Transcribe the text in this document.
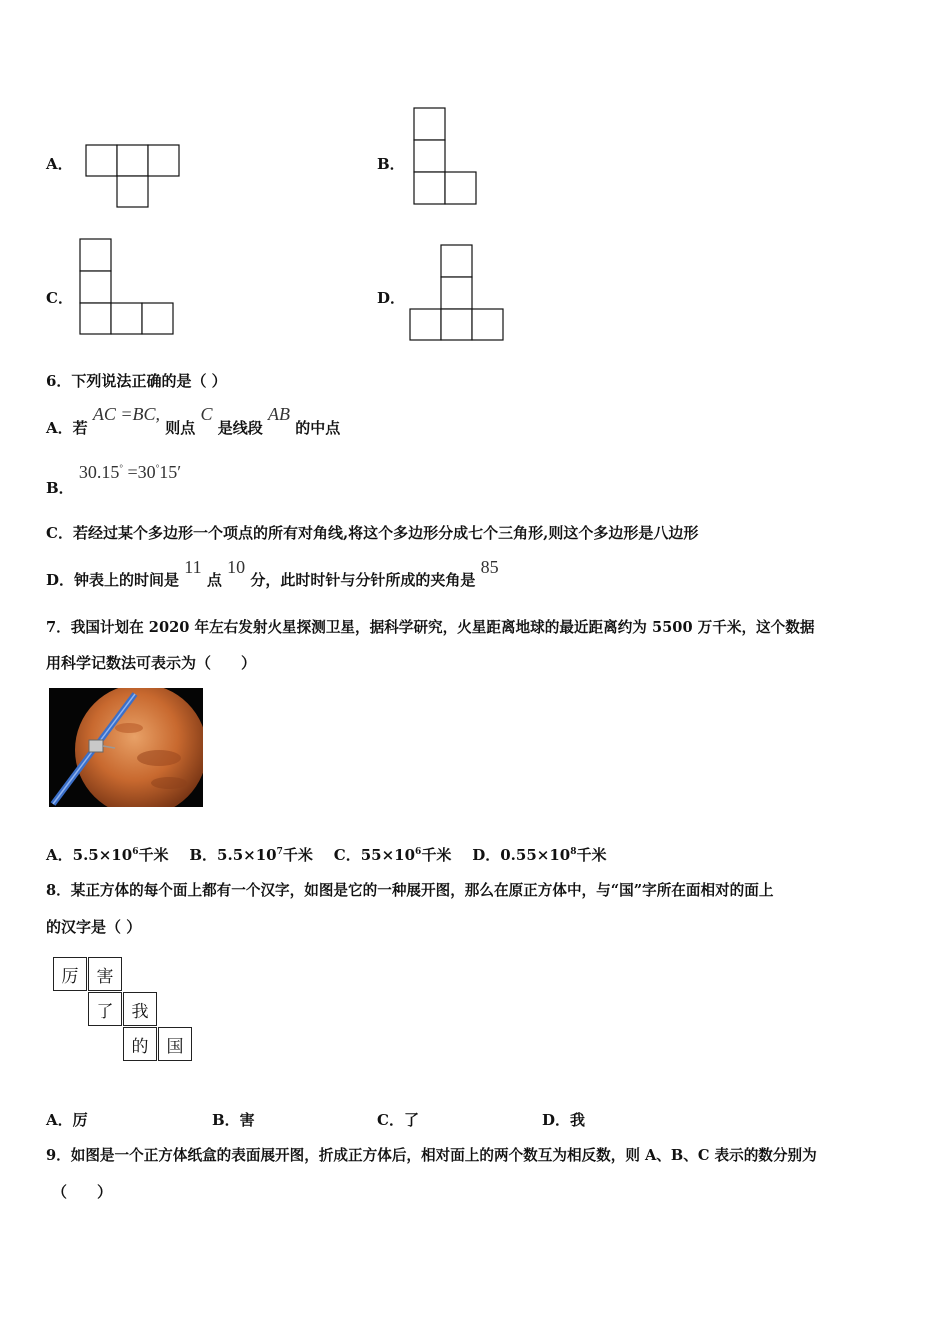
A．	B．
C．	D．
6．下列说法正确的是（ ）
A．若 AC =BC, 则点 C 是线段 AB 的中点
B． 30.15° =30°15′
C．若经过某个多边形一个项点的所有对角线,将这个多边形分成七个三角形,则这个多边形是八边形
D．钟表上的时间是 11 点 10 分，此时时针与分针所成的夹角是 85
7．我国计划在 2020 年左右发射火星探测卫星，据科学研究，火星距离地球的最近距离约为 5500 万千米，这个数据
用科学记数法可表示为（　　）
A．$5.5\times 10^6$千米 B．$5.5\times 10^7$千米 C．$55\times 10^6$千米 D．$0.55\times 10^8$千米
8．某正方体的每个面上都有一个汉字，如图是它的一种展开图，那么在原正方体中，与“国”字所在面相对的面上
的汉字是（ ）
厉	害
了	我
的	国
A．厉	B．害	C．了	D．我
9．如图是一个正方体纸盒的表面展开图，折成正方体后，相对面上的两个数互为相反数，则 A、B、C 表示的数分别为
（　　）
